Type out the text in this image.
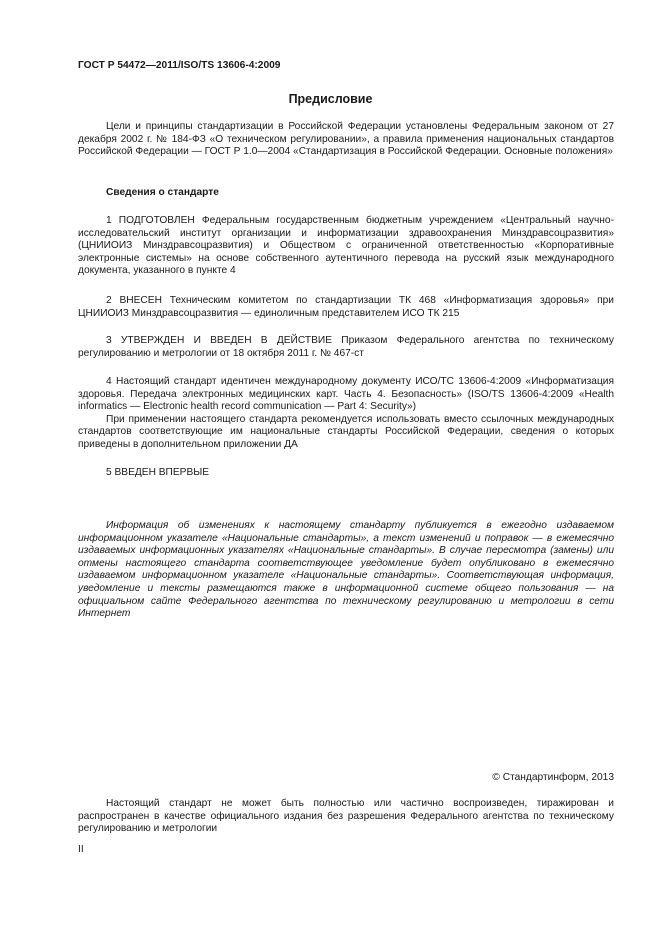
ГОСТ Р 54472—2011/ISO/TS 13606-4:2009
Предисловие

Цели и принципы стандартизации в Российской Федерации установлены Федеральным законом от 27 декабря 2002 г. № 184-ФЗ «О техническом регулировании», а правила применения национальных стандартов Российской Федерации — ГОСТ Р 1.0—2004 «Стандартизация в Российской Федерации. Основные положения»

Сведения о стандарте

1 ПОДГОТОВЛЕН Федеральным государственным бюджетным учреждением «Центральный научно-исследовательский институт организации и информатизации здравоохранения Минздравсоцразвития» (ЦНИИОИЗ Минздравсоцразвития) и Обществом с ограниченной ответственностью «Корпоративные электронные системы» на основе собственного аутентичного перевода на русский язык международного документа, указанного в пункте 4

2 ВНЕСЕН Техническим комитетом по стандартизации ТК 468 «Информатизация здоровья» при ЦНИИОИЗ Минздравсоцразвития — единоличным представителем ИСО ТК 215

3 УТВЕРЖДЕН И ВВЕДЕН В ДЕЙСТВИЕ Приказом Федерального агентства по техническому регулированию и метрологии от 18 октября 2011 г. № 467-ст

4 Настоящий стандарт идентичен международному документу ИСО/ТС 13606-4:2009 «Информатизация здоровья. Передача электронных медицинских карт. Часть 4. Безопасность» (ISO/TS 13606-4:2009 «Health informatics — Electronic health record communication — Part 4: Security»)

При применении настоящего стандарта рекомендуется использовать вместо ссылочных международных стандартов соответствующие им национальные стандарты Российской Федерации, сведения о которых приведены в дополнительном приложении ДА

5 ВВЕДЕН ВПЕРВЫЕ

Информация об изменениях к настоящему стандарту публикуется в ежегодно издаваемом информационном указателе «Национальные стандарты», а текст изменений и поправок — в ежемесячно издаваемых информационных указателях «Национальные стандарты». В случае пересмотра (замены) или отмены настоящего стандарта соответствующее уведомление будет опубликовано в ежемесячно издаваемом информационном указателе «Национальные стандарты». Соответствующая информация, уведомление и тексты размещаются также в информационной системе общего пользования — на официальном сайте Федерального агентства по техническому регулированию и метрологии в сети Интернет

© Стандартинформ, 2013

Настоящий стандарт не может быть полностью или частично воспроизведен, тиражирован и распространен в качестве официального издания без разрешения Федерального агентства по техническому регулированию и метрологии

II
